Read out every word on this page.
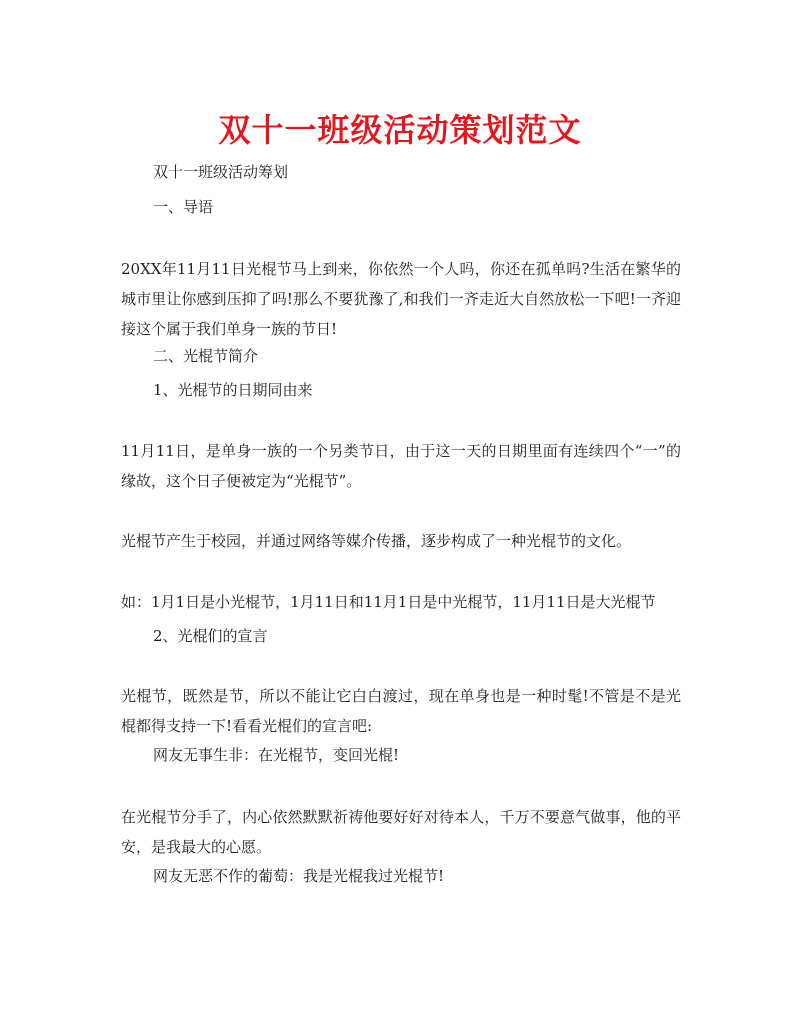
双十一班级活动策划范文
双十一班级活动筹划
一、导语
20XX年11月11日光棍节马上到来，你依然一个人吗，你还在孤单吗?生活在繁华的城市里让你感到压抑了吗!那么不要犹豫了,和我们一齐走近大自然放松一下吧!一齐迎接这个属于我们单身一族的节日!
二、光棍节简介
1、光棍节的日期同由来
11月11日，是单身一族的一个另类节日，由于这一天的日期里面有连续四个“一”的缘故，这个日子便被定为“光棍节”。
光棍节产生于校园，并通过网络等媒介传播，逐步构成了一种光棍节的文化。
如：1月1日是小光棍节，1月11日和11月1日是中光棍节，11月11日是大光棍节
2、光棍们的宣言
光棍节，既然是节，所以不能让它白白渡过，现在单身也是一种时髦!不管是不是光棍都得支持一下!看看光棍们的宣言吧:
网友无事生非：在光棍节，变回光棍!
在光棍节分手了，内心依然默默祈祷他要好好对待本人，千万不要意气做事，他的平安，是我最大的心愿。
网友无恶不作的葡萄：我是光棍我过光棍节!
